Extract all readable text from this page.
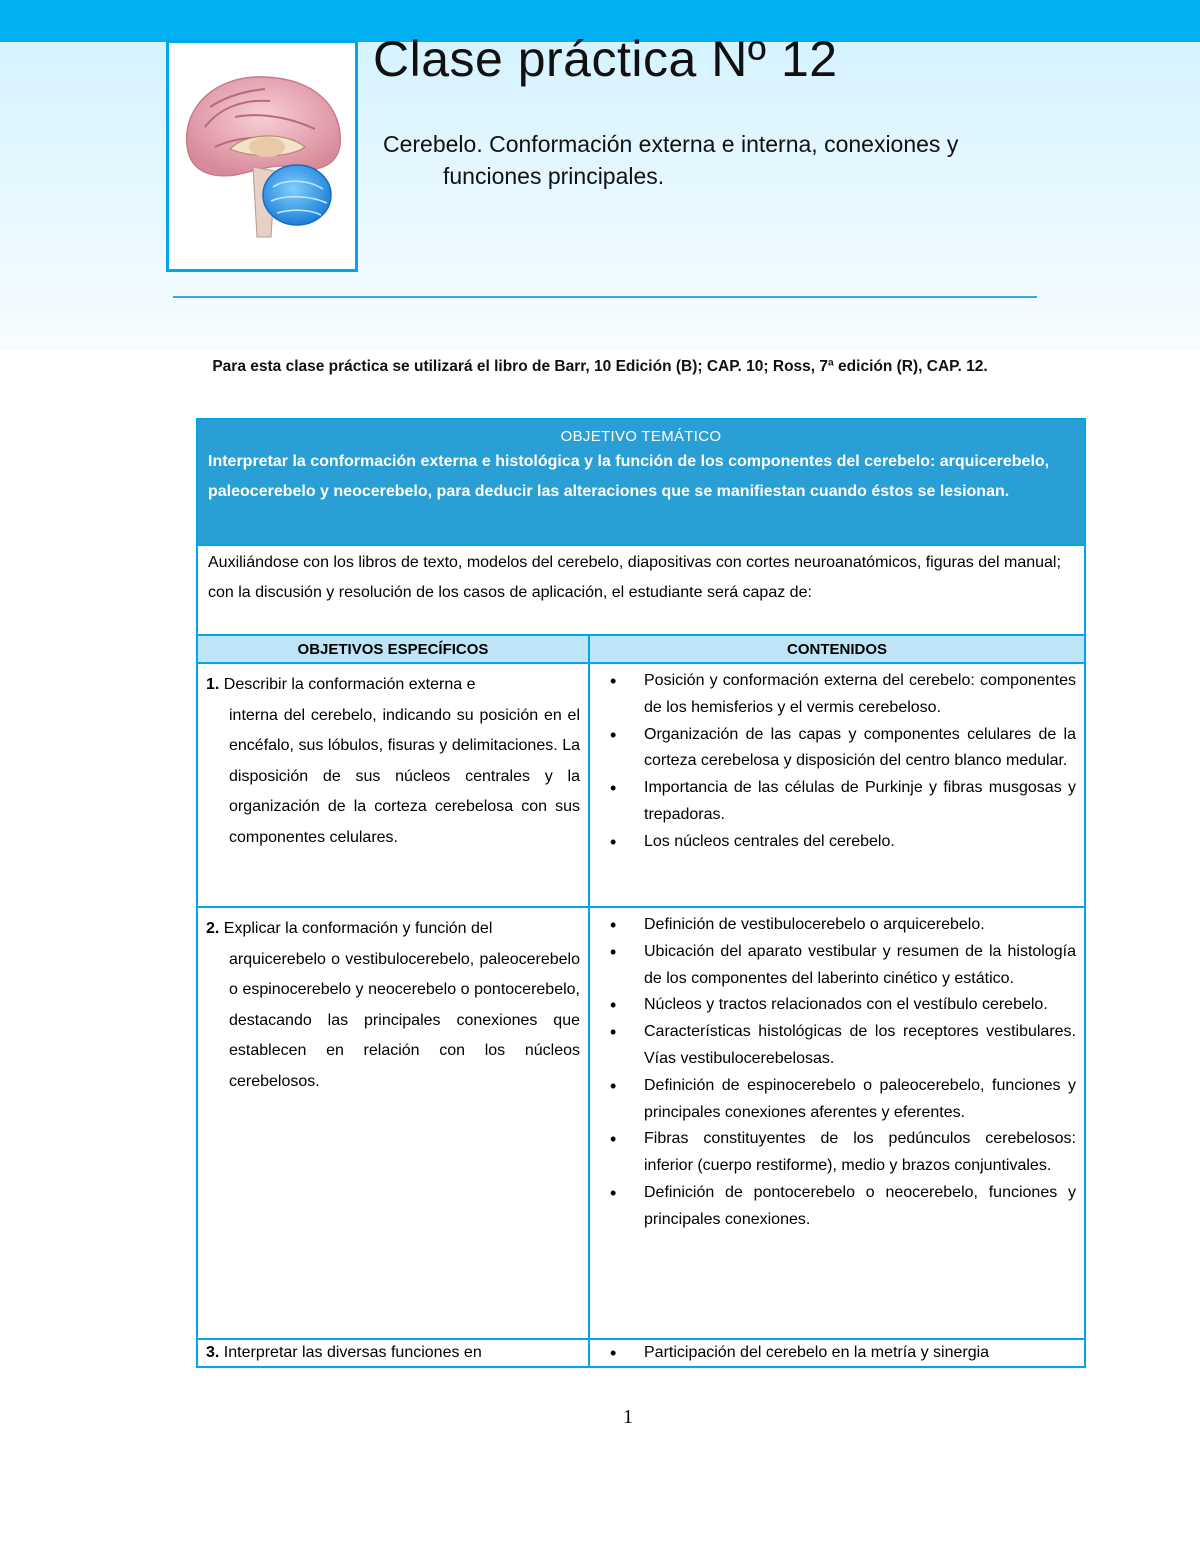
Clase práctica Nº 12
Cerebelo. Conformación externa e interna, conexiones y
funciones principales.
Para esta clase práctica se utilizará el libro de Barr, 10 Edición (B); CAP. 10; Ross, 7ª edición (R), CAP. 12.
OBJETIVO TEMÁTICO
Interpretar la conformación externa e histológica y la función de los componentes del cerebelo: arquicerebelo, paleocerebelo y neocerebelo, para deducir las alteraciones que se manifiestan cuando éstos se lesionan.
Auxiliándose con los libros de texto, modelos del cerebelo, diapositivas con cortes neuroanatómicos, figuras del manual; con la discusión y resolución de los casos de aplicación, el estudiante será capaz de:
OBJETIVOS ESPECÍFICOS	CONTENIDOS
1. Describir la conformación externa e
interna del cerebelo, indicando su posición en el encéfalo, sus lóbulos, fisuras y delimitaciones. La disposición de sus núcleos centrales y la organización de la corteza cerebelosa con sus componentes celulares.
• Posición y conformación externa del cerebelo: componentes de los hemisferios y el vermis cerebeloso.
• Organización de las capas y componentes celulares de la corteza cerebelosa y disposición del centro blanco medular.
• Importancia de las células de Purkinje y fibras musgosas y trepadoras.
• Los núcleos centrales del cerebelo.
2. Explicar la conformación y función del
arquicerebelo o vestibulocerebelo, paleocerebelo o espinocerebelo y neocerebelo o pontocerebelo, destacando las principales conexiones que establecen en relación con los núcleos cerebelosos.
• Definición de vestibulocerebelo o arquicerebelo.
• Ubicación del aparato vestibular y resumen de la histología de los componentes del laberinto cinético y estático.
• Núcleos y tractos relacionados con el vestíbulo cerebelo.
• Características histológicas de los receptores vestibulares. Vías vestibulocerebelosas.
• Definición de espinocerebelo o paleocerebelo, funciones y principales conexiones aferentes y eferentes.
• Fibras constituyentes de los pedúnculos cerebelosos: inferior (cuerpo restiforme), medio y brazos conjuntivales.
• Definición de pontocerebelo o neocerebelo, funciones y principales conexiones.
3. Interpretar las diversas funciones en
•	Participación del cerebelo en la metría y sinergia
1
